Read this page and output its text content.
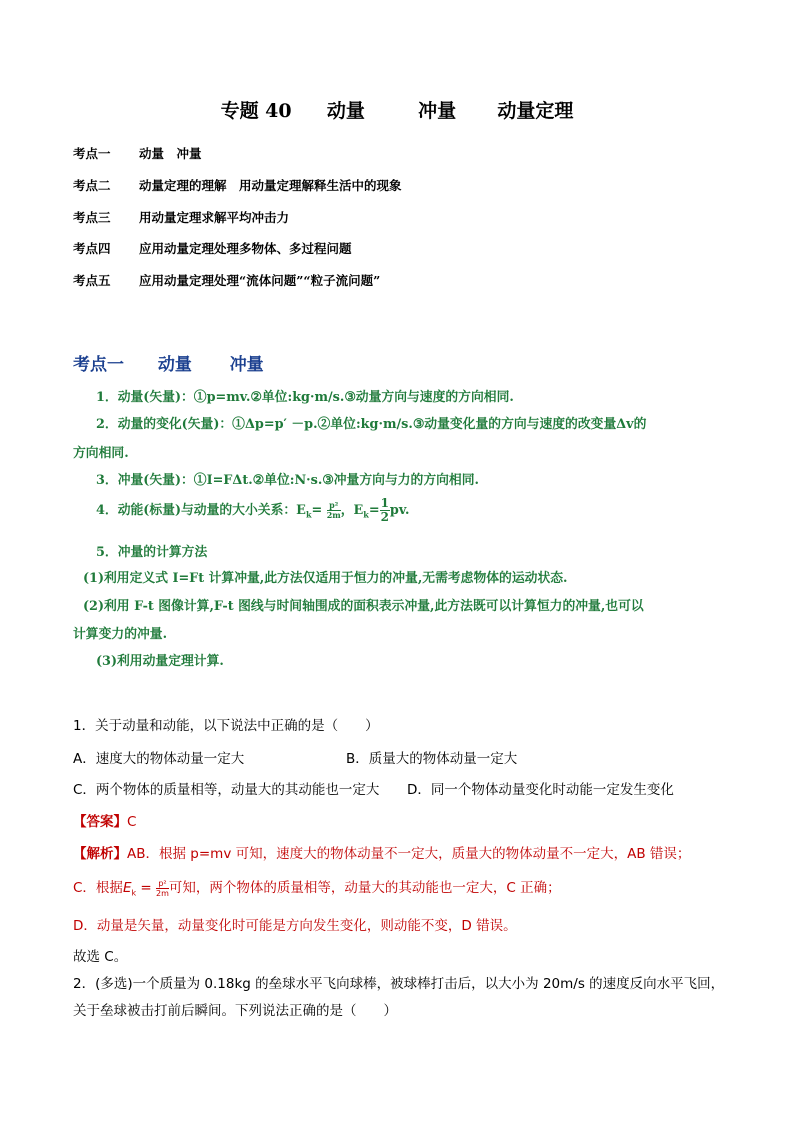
专题 40 动量	冲量 动量定理
考点一 动量　冲量
考点二 动量定理的理解　用动量定理解释生活中的现象
考点三 用动量定理求解平均冲击力
考点四 应用动量定理处理多物体、多过程问题
考点五 应用动量定理处理“流体问题”“粒子流问题”
考点一 动量 冲量
1．动量(矢量)：①p=mv.②单位:kg·m/s.③动量方向与速度的方向相同.
2．动量的变化(矢量)：①Δp=p′ －p.②单位:kg·m/s.③动量变化量的方向与速度的改变量Δv的
方向相同.
3．冲量(矢量)：①I=FΔt.②单位:N·s.③冲量方向与力的方向相同.
4．动能(标量)与动量的大小关系：$E_k= \frac{\text{p²}}{2m}$ ，$E_k= \frac{1}{2}$ pv.
5．冲量的计算方法
(1)利用定义式 I=Ft 计算冲量,此方法仅适用于恒力的冲量,无需考虑物体的运动状态.
(2)利用 F-t 图像计算,F-t 图线与时间轴围成的面积表示冲量,此方法既可以计算恒力的冲量,也可以
计算变力的冲量.
(3)利用动量定理计算.
1．关于动量和动能，以下说法中正确的是（　　）
A．速度大的物体动量一定大	B．质量大的物体动量一定大
C．两个物体的质量相等，动量大的其动能也一定大 D．同一个物体动量变化时动能一定发生变化
【答案】C
【解析】AB．根据 p=mv 可知，速度大的物体动量不一定大，质量大的物体动量不一定大，AB 错误；
C．根据$E_k = \frac{\text{p²}}{2m}$ 可知，两个物体的质量相等，动量大的其动能也一定大，C 正确；
D．动量是矢量，动量变化时可能是方向发生变化，则动能不变，D 错误。
故选 C。
2．(多选)一个质量为 0.18kg 的垒球水平飞向球棒，被球棒打击后，以大小为 20m/s 的速度反向水平飞回，
关于垒球被击打前后瞬间。下列说法正确的是（　　）
